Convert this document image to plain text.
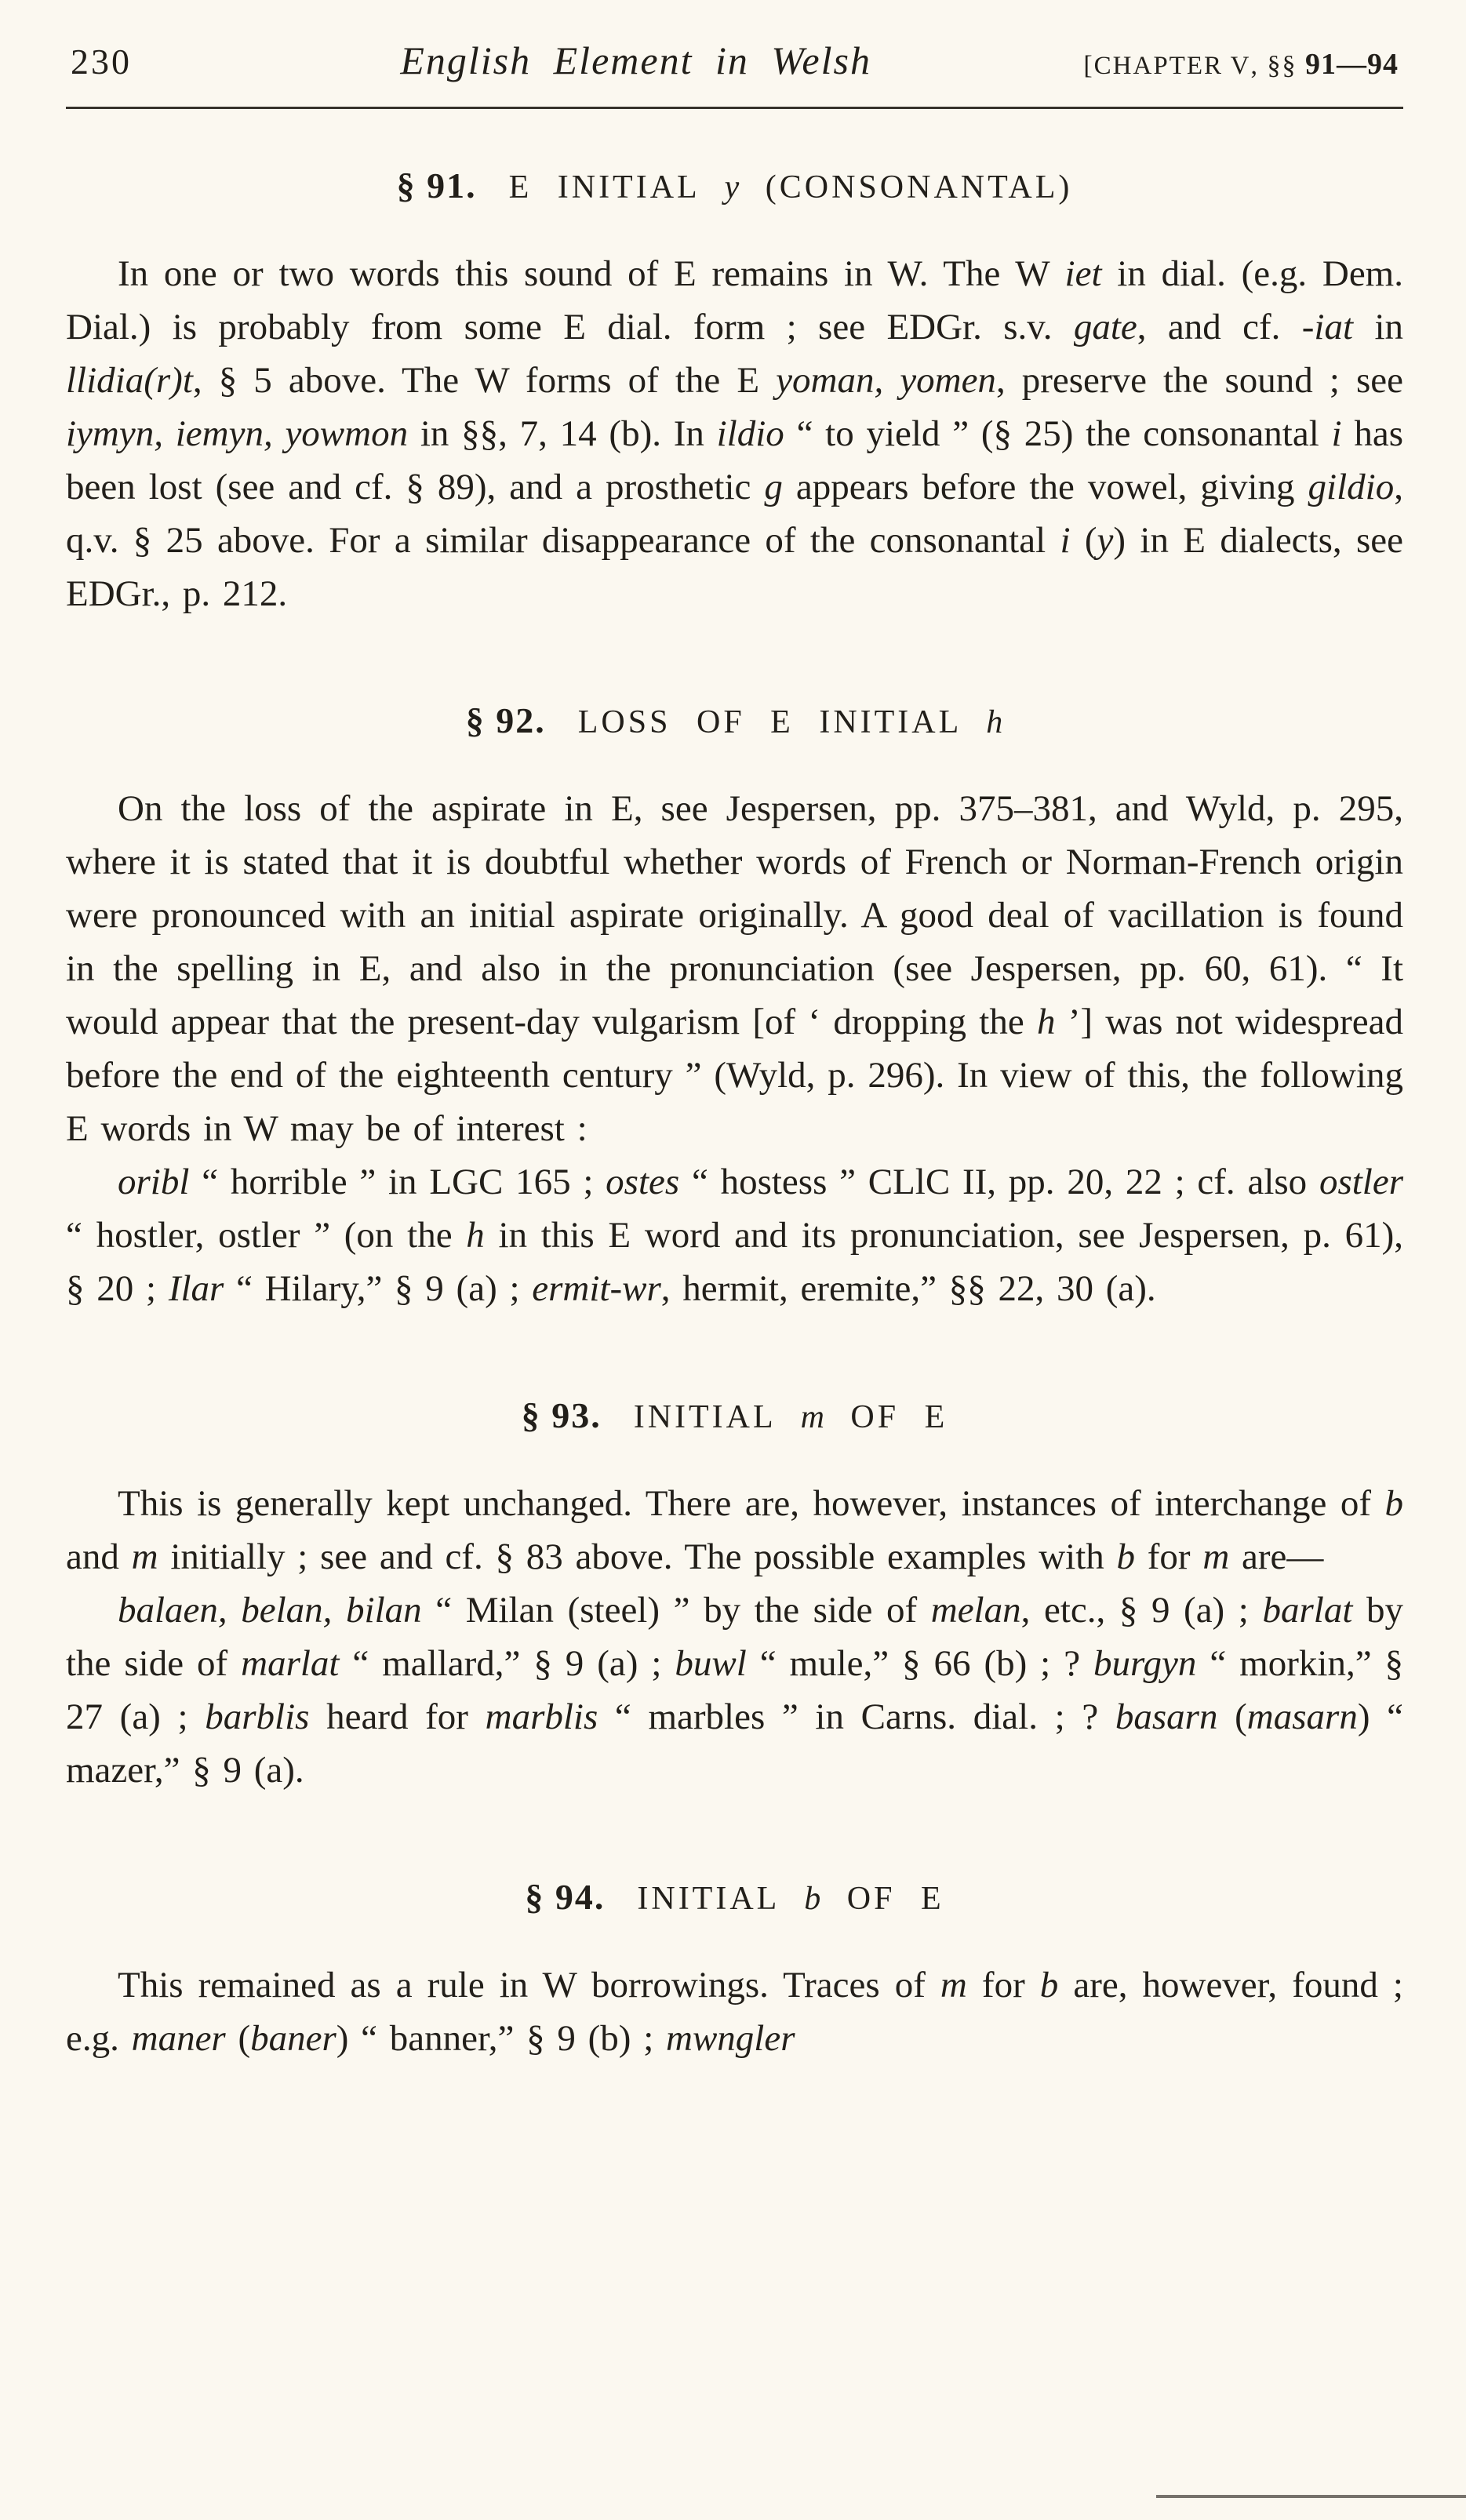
230	English Element in Welsh	[CHAPTER V, §§ 91—94
§ 91. E INITIAL y (CONSONANTAL)

In one or two words this sound of E remains in W. The W iet in dial. (e.g. Dem. Dial.) is probably from some E dial. form ; see EDGr. s.v. gate, and cf. -iat in llidia(r)t, § 5 above. The W forms of the E yoman, yomen, preserve the sound ; see iymyn, iemyn, yowmon in §§, 7, 14 (b). In ildio “ to yield ” (§ 25) the consonantal i has been lost (see and cf. § 89), and a prosthetic g appears before the vowel, giving gildio, q.v. § 25 above. For a similar disappearance of the consonantal i (y) in E dialects, see EDGr., p. 212.

§ 92. LOSS OF E INITIAL h

On the loss of the aspirate in E, see Jespersen, pp. 375–381, and Wyld, p. 295, where it is stated that it is doubtful whether words of French or Norman-French origin were pronounced with an initial aspirate originally. A good deal of vacillation is found in the spelling in E, and also in the pronunciation (see Jespersen, pp. 60, 61). “ It would appear that the present-day vulgarism [of ‘ dropping the h ’] was not widespread before the end of the eighteenth century ” (Wyld, p. 296). In view of this, the following E words in W may be of interest :

oribl “ horrible ” in LGC 165 ; ostes “ hostess ” CLlC II, pp. 20, 22 ; cf. also ostler “ hostler, ostler ” (on the h in this E word and its pronunciation, see Jespersen, p. 61), § 20 ; Ilar “ Hilary,” § 9 (a) ; ermit-wr, hermit, eremite,” §§ 22, 30 (a).

§ 93. INITIAL m OF E

This is generally kept unchanged. There are, however, instances of interchange of b and m initially ; see and cf. § 83 above. The possible examples with b for m are—

balaen, belan, bilan “ Milan (steel) ” by the side of melan, etc., § 9 (a) ; barlat by the side of marlat “ mallard,” § 9 (a) ; buwl “ mule,” § 66 (b) ; ? burgyn “ morkin,” § 27 (a) ; barblis heard for marblis “ marbles ” in Carns. dial. ; ? basarn (masarn) “ mazer,” § 9 (a).

§ 94. INITIAL b OF E

This remained as a rule in W borrowings. Traces of m for b are, however, found ; e.g. maner (baner) “ banner,” § 9 (b) ; mwngler
